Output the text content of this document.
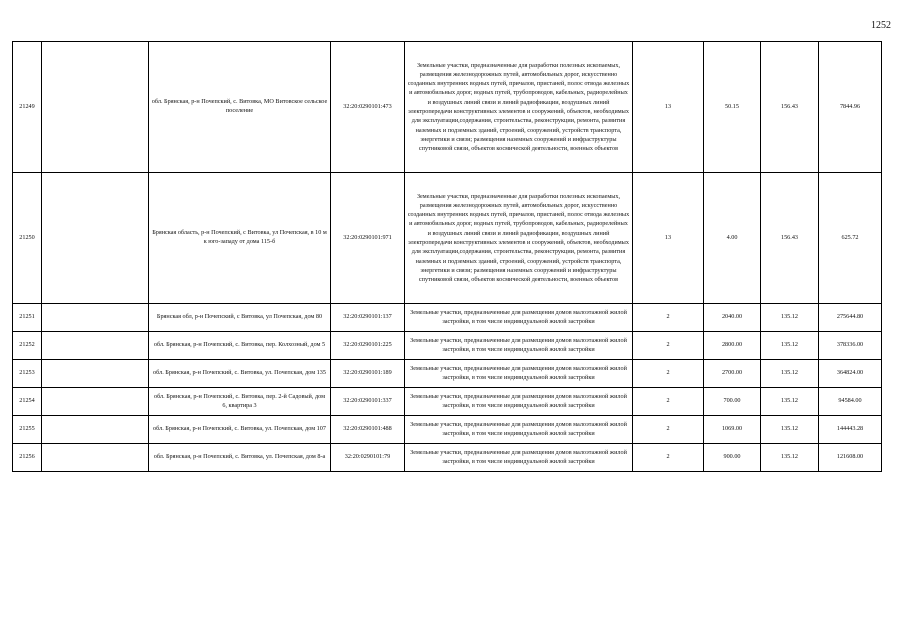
1252
21249		обл. Брянская, р-н Почепский, с. Витовка, МО Витовское сельское поселение	32:20:0290101:473	Земельные участки, предназначенные для разработки полезных ископаемых, размещения железнодорожных путей, автомобильных дорог, искусственно созданных внутренних водных путей, причалов, пристаней, полос отвода железных и автомобильных дорог, водных путей, трубопроводов, кабельных, радиорелейных и воздушных линий связи и линий радиофикации, воздушных линий электропередачи конструктивных элементов и сооружений, объектов, необходимых для эксплуатации,содержания, строительства, реконструкции, ремонта, развития наземных и подземных зданий, строений, сооружений, устройств транспорта, энергетики и связи; размещения наземных сооружений и инфраструктуры спутниковой связи, объектов космической деятельности, военных объектов	13	50.15	156.43	7844.96
21250		Брянская область, р-н Почепский, с Витовка, ул Почепская, в 10 м к юго-западу от дома 115-б	32:20:0290101:971	Земельные участки, предназначенные для разработки полезных ископаемых, размещения железнодорожных путей, автомобильных дорог, искусственно созданных внутренних водных путей, причалов, пристаней, полос отвода железных и автомобильных дорог, водных путей, трубопроводов, кабельных, радиорелейных и воздушных линий связи и линий радиофикации, воздушных линий электропередачи конструктивных элементов и сооружений, объектов, необходимых для эксплуатации,содержания, строительства, реконструкции, ремонта, развития наземных и подземных зданий, строений, сооружений, устройств транспорта, энергетики и связи; размещения наземных сооружений и инфраструктуры спутниковой связи, объектов космической деятельности, военных объектов	13	4.00	156.43	625.72
21251		Брянская обл, р-н Почепский, с Витовка, ул Почепская, дом 80	32:20:0290101:137	Земельные участки, предназначенные для размещения домов малоэтажной жилой застройки, в том числе индивидуальной жилой застройки	2	2040.00	135.12	275644.80
21252		обл. Брянская, р-н Почепский, с. Витовка, пер. Колхозный, дом 5	32:20:0290101:225	Земельные участки, предназначенные для размещения домов малоэтажной жилой застройки, в том числе индивидуальной жилой застройки	2	2800.00	135.12	378336.00
21253		обл. Брянская, р-н Почепский, с. Витовка, ул. Почепская, дом 135	32:20:0290101:189	Земельные участки, предназначенные для размещения домов малоэтажной жилой застройки, в том числе индивидуальной жилой застройки	2	2700.00	135.12	364824.00
21254		обл. Брянская, р-н Почепский, с. Витовка, пер. 2-й Садовый, дом 6, квартира 3	32:20:0290101:337	Земельные участки, предназначенные для размещения домов малоэтажной жилой застройки, в том числе индивидуальной жилой застройки	2	700.00	135.12	94584.00
21255		обл. Брянская, р-н Почепский, с. Витовка, ул. Почепская, дом 107	32:20:0290101:488	Земельные участки, предназначенные для размещения домов малоэтажной жилой застройки, в том числе индивидуальной жилой застройки	2	1069.00	135.12	144443.28
21256		обл. Брянская, р-н Почепский, с. Витовка, ул. Почепская, дом 8-а	32:20:0290101:79	Земельные участки, предназначенные для размещения домов малоэтажной жилой застройки, в том числе индивидуальной жилой застройки	2	900.00	135.12	121608.00
